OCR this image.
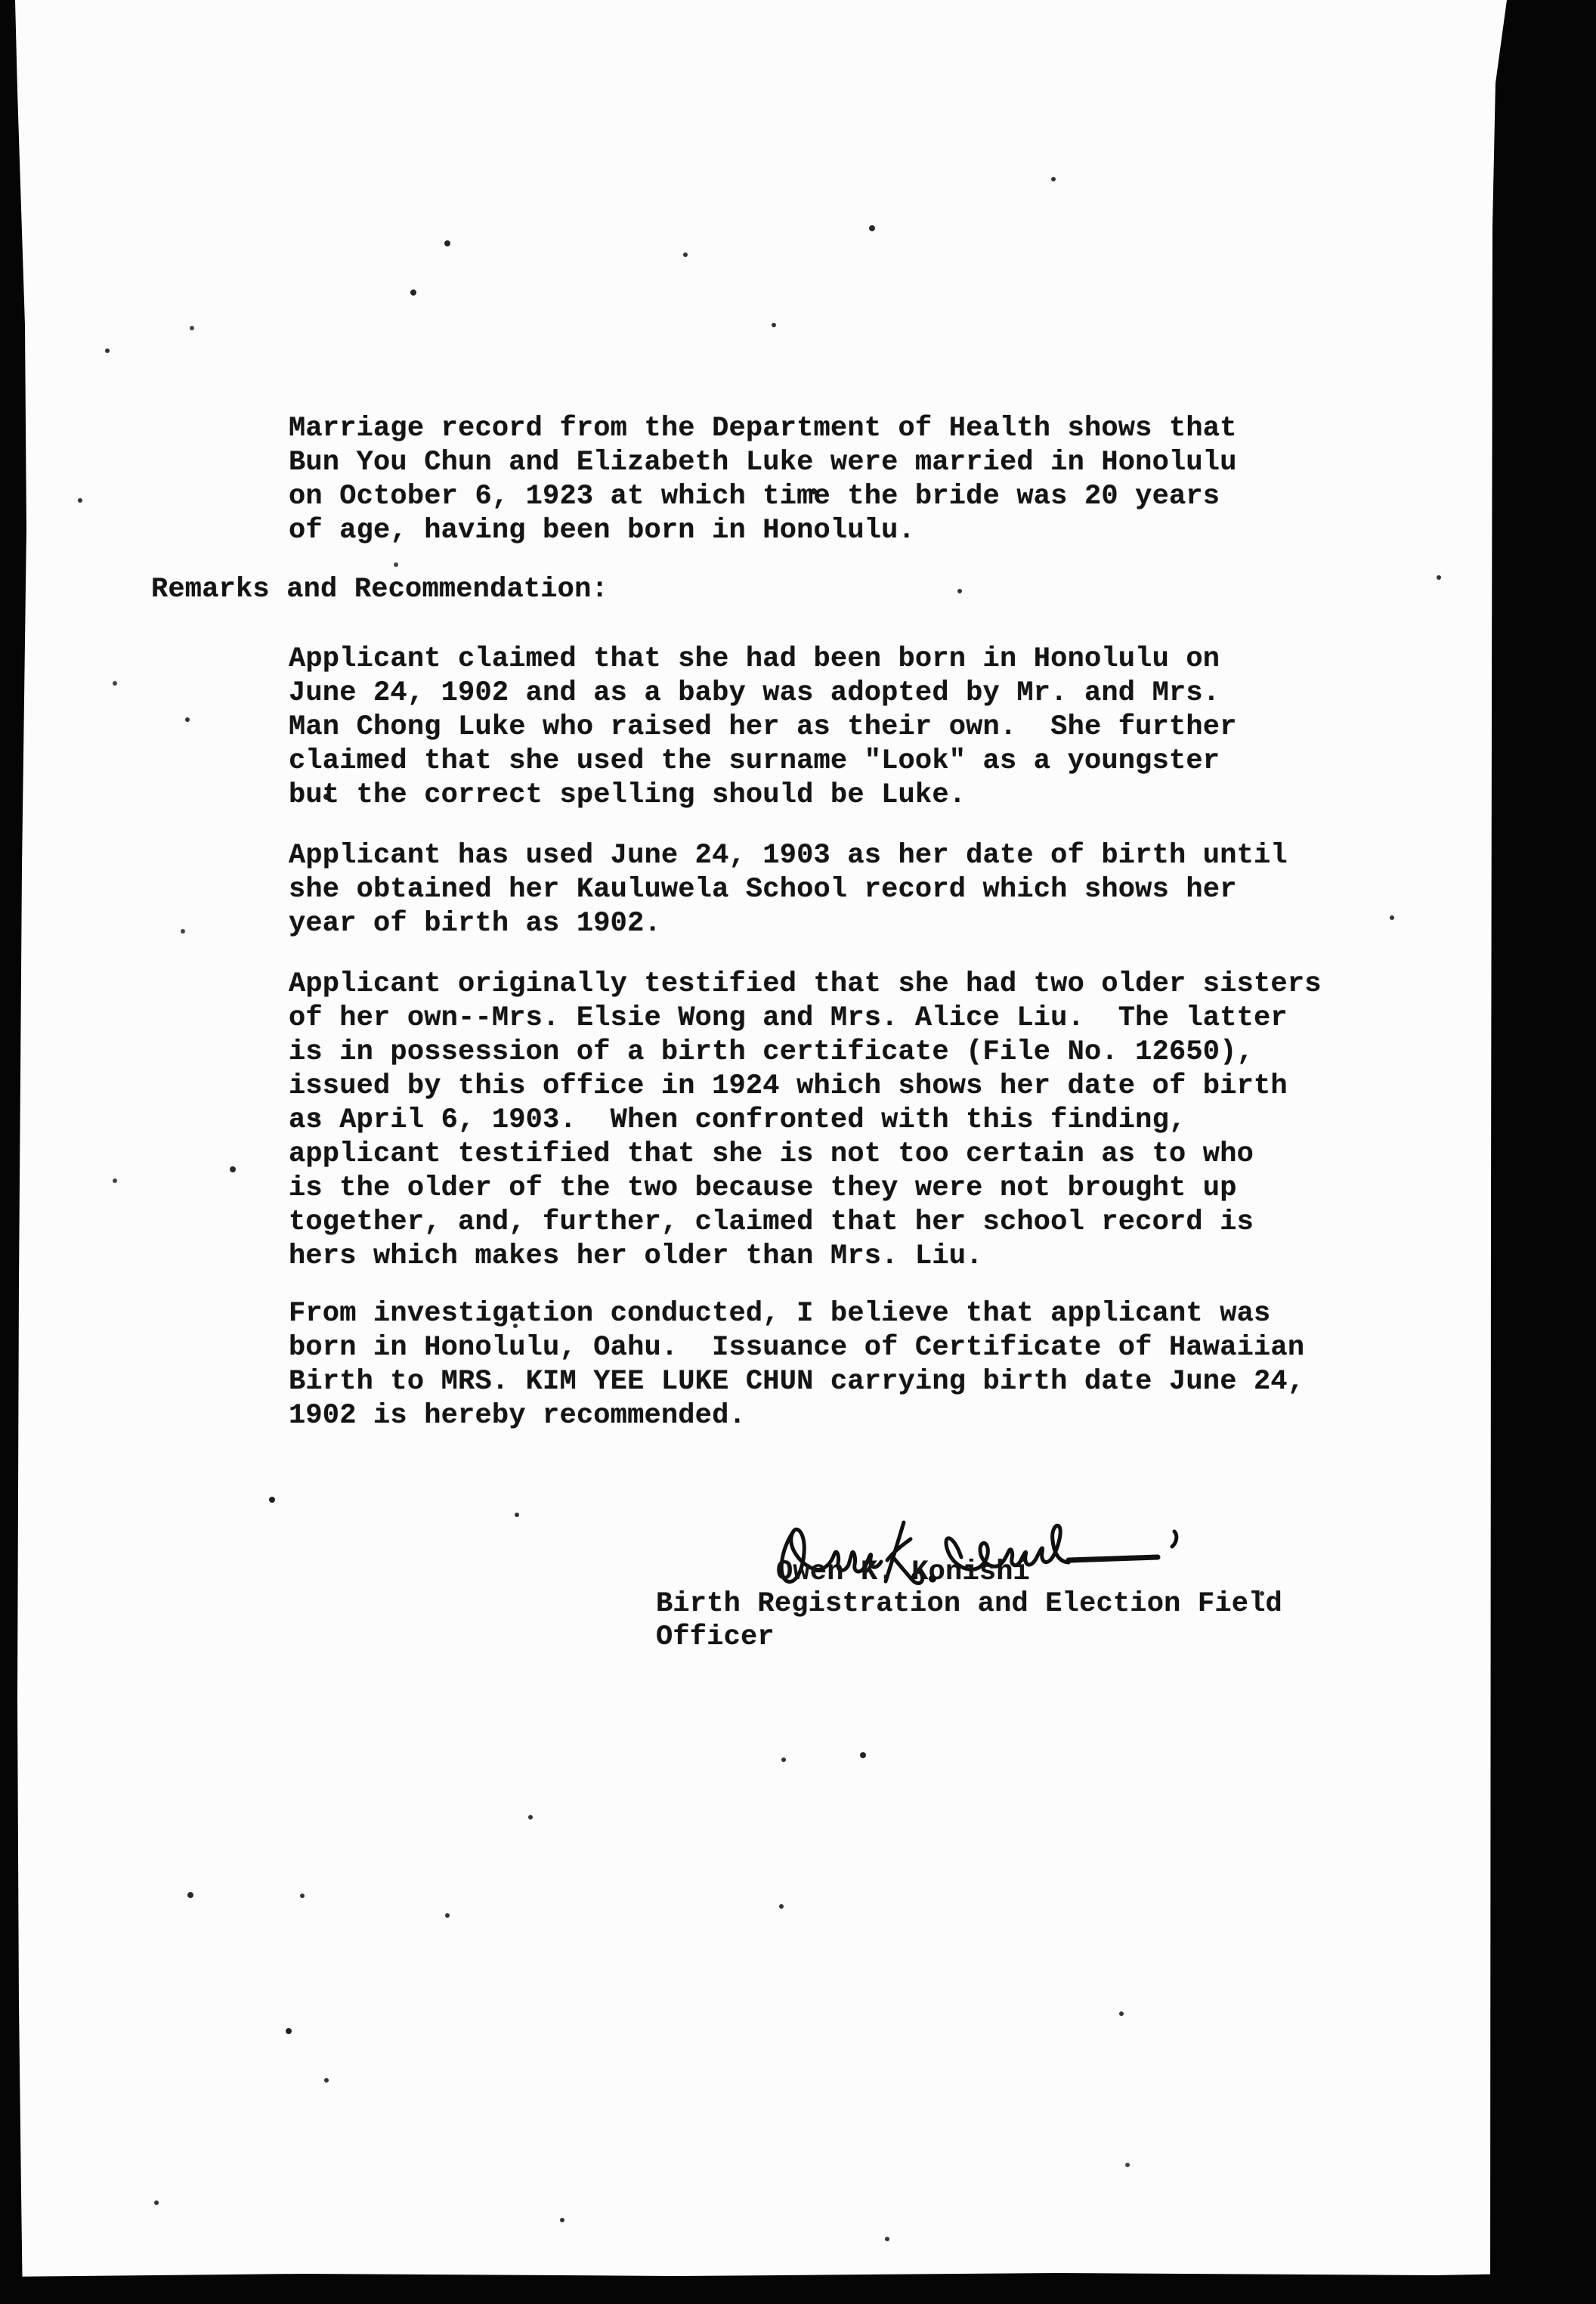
Marriage record from the Department of Health shows that
Bun You Chun and Elizabeth Luke were married in Honolulu
on October 6, 1923 at which time the bride was 20 years
of age, having been born in Honolulu.
Remarks and Recommendation:
Applicant claimed that she had been born in Honolulu on
June 24, 1902 and as a baby was adopted by Mr. and Mrs.
Man Chong Luke who raised her as their own.  She further
claimed that she used the surname "Look" as a youngster
but the correct spelling should be Luke.
Applicant has used June 24, 1903 as her date of birth until
she obtained her Kauluwela School record which shows her
year of birth as 1902.
Applicant originally testified that she had two older sisters
of her own--Mrs. Elsie Wong and Mrs. Alice Liu.  The latter
is in possession of a birth certificate (File No. 12650),
issued by this office in 1924 which shows her date of birth
as April 6, 1903.  When confronted with this finding,
applicant testified that she is not too certain as to who
is the older of the two because they were not brought up
together, and, further, claimed that her school record is
hers which makes her older than Mrs. Liu.
From investigation conducted, I believe that applicant was
born in Honolulu, Oahu.  Issuance of Certificate of Hawaiian
Birth to MRS. KIM YEE LUKE CHUN carrying birth date June 24,
1902 is hereby recommended.
Owen K. Konishi
Birth Registration and Election Field
Officer
